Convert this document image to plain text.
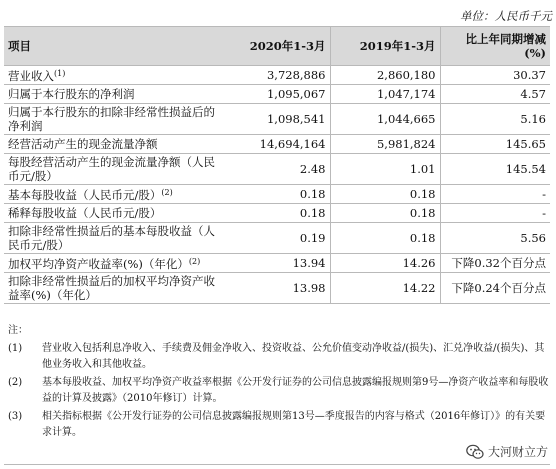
单位：人民币千元
项目	2020年1-3月	2019年1-3月	比上年同期增减(%)
营业收入$^{(1)}$	3,728,886	2,860,180	30.37
归属于本行股东的净利润	1,095,067	1,047,174	4.57
归属于本行股东的扣除非经常性损益后的净利润	1,098,541	1,044,665	5.16
经营活动产生的现金流量净额	14,694,164	5,981,824	145.65
每股经营活动产生的现金流量净额（人民币元/股）	2.48	1.01	145.54
基本每股收益（人民币元/股）$^{(2)}$	0.18	0.18	-
稀释每股收益（人民币元/股）	0.18	0.18	-
扣除非经常性损益后的基本每股收益（人民币元/股）	0.19	0.18	5.56
加权平均净资产收益率(%)（年化）$^{(2)}$	13.94	14.26	下降0.32个百分点
扣除非经常性损益后的加权平均净资产收益率(%)（年化）	13.98	14.22	下降0.24个百分点
注：
(1)	营业收入包括利息净收入、手续费及佣金净收入、投资收益、公允价值变动净收益/(损失)、汇兑净收益/(损失)、其他业务收入和其他收益。
(2)	基本每股收益、加权平均净资产收益率根据《公开发行证券的公司信息披露编报规则第9号—净资产收益率和每股收益的计算及披露》（2010年修订）计算。
(3)	相关指标根据《公开发行证券的公司信息披露编报规则第13号—季度报告的内容与格式（2016年修订）》的有关要求计算。
大河财立方
